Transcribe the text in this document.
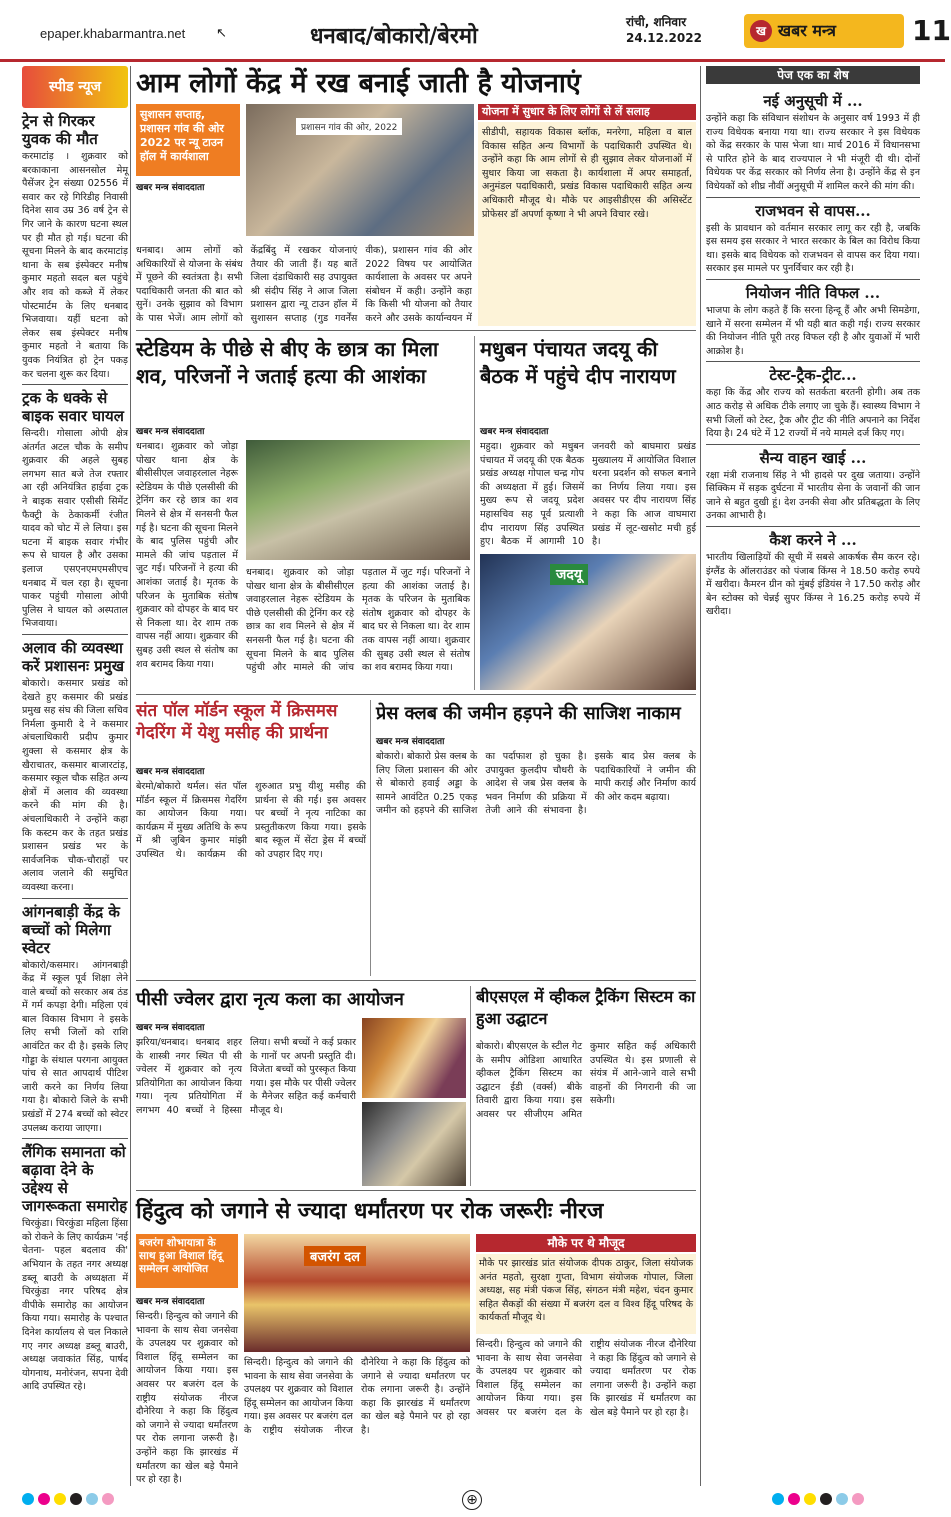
epaper.khabarmantra.net ↖	धनबाद/बोकारो/बेरमो
रांची, शनिवार
24.12.2022	ख खबर मन्त्र	11
स्पीड न्यूज
ट्रेन से गिरकर युवक की मौत

करमाटांड़ । शुक्रवार को बरकाकाना आसनसोल मेमू पैसेंजर ट्रेन संख्या 02556 में सवार कर रहे गिरिडीह निवासी दिनेश साव उम्र 36 वर्ष ट्रेन से गिर जाने के कारण घटना स्थल पर ही मौत हो गई। घटना की सूचना मिलने के बाद करमाटांड़ थाना के सब इंस्पेक्टर मनीष कुमार महतो सदल बल पहुंचे और शव को कब्जे में लेकर पोस्टमार्टम के लिए धनबाद भिजवाया। यहीं घटना को लेकर सब इंस्पेक्टर मनीष कुमार महतो ने बताया कि युवक नियंत्रित हो ट्रेन पकड़ कर चलना शुरू कर दिया।

ट्रक के धक्के से बाइक सवार घायल

सिन्दरी। गोसाला ओपी क्षेत्र अंतर्गत अटल चौक के समीप शुक्रवार की अहले सुबह लगभग सात बजे तेज रफ्तार आ रही अनियंत्रित हाईवा ट्रक ने बाइक सवार एसीसी सिमेंट फैक्ट्री के ठेकाकर्मी रंजीत यादव को चोट में ले लिया। इस घटना में बाइक सवार गंभीर रूप से घायल है और उसका इलाज एसएनएमएमसीएच धनबाद में चल रहा है। सूचना पाकर पहुंची गोसाला ओपी पुलिस ने घायल को अस्पताल भिजवाया।

अलाव की व्यवस्था करें प्रशासनः प्रमुख

बोकारो। कसमार प्रखंड को देखते हुए कसमार की प्रखंड प्रमुख सह संघ की जिला सचिव निर्मला कुमारी दे ने कसमार अंचलाधिकारी प्रदीप कुमार शुक्ला से कसमार क्षेत्र के खैराचातर, कसमार बाजारटांड़, कसमार स्कूल चौक सहित अन्य क्षेत्रों में अलाव की व्यवस्था करने की मांग की है। अंचलाधिकारी ने उन्होंने कहा कि कस्टम कर के तहत प्रखंड प्रशासन प्रखंड भर के सार्वजनिक चौक-चौराहों पर अलाव जलाने की समुचित व्यवस्था करना।

आंगनबाड़ी केंद्र के बच्चों को मिलेगा स्वेटर

बोकारो/कसमार। आंगनबाड़ी केंद्र में स्कूल पूर्व शिक्षा लेने वाले बच्चों को सरकार अब ठंड में गर्म कपड़ा देगी। महिला एवं बाल विकास विभाग ने इसके लिए सभी जिलों को राशि आवंटित कर दी है। इसके लिए गोड्डा के संथाल परगना आयुक्त पांच से सात आपदार्थ पीटिश जारी करने का निर्णय लिया गया है। बोकारो जिले के सभी प्रखंडों में 274 बच्चों को स्वेटर उपलब्ध कराया जाएगा।

लैंगिक समानता को बढ़ावा देने के उद्देश्य से जागरूकता समारोह

चिरकुंडा। चिरकुंडा महिला हिंसा को रोकने के लिए कार्यक्रम 'नई चेतना- पहल बदलाव की' अभियान के तहत नगर अध्यक्ष डब्लू बाउरी के अध्यक्षता में चिरकुंडा नगर परिषद क्षेत्र वीपीके समारोह का आयोजन किया गया। समारोह के पश्चात दिनेश कार्यालय से चल निकाले गए नगर अध्यक्ष डब्लू बाउरी, अध्यक्ष जवाकांत सिंह, पार्षद योगनाथ, मनोरंजन, सपना देवी आदि उपस्थित रहे।

आम लोगों केंद्र में रख बनाई जाती है योजनाएं
सुशासन सप्ताह, प्रशासन गांव की ओर 2022 पर न्यू टाउन हॉल में कार्यशाला
खबर मन्त्र संवाददाता
प्रशासन गांव की ओर, 2022

धनबाद। आम लोगों को अधिकारियों से योजना के संबंध में पूछने की स्वतंत्रता है। सभी पदाधिकारी जनता की बात को सुनें। उनके सुझाव को विभाग के पास भेजें। आम लोगों को केंद्रबिंदु में रखकर योजनाएं तैयार की जाती हैं। यह बातें जिला दंडाधिकारी सह उपायुक्त श्री संदीप सिंह ने आज जिला प्रशासन द्वारा न्यू टाउन हॉल में सुशासन सप्ताह (गुड गवर्नेंस वीक), प्रशासन गांव की ओर 2022 विषय पर आयोजित कार्यशाला के अवसर पर अपने संबोधन में कही। उन्होंने कहा कि किसी भी योजना को तैयार करने और उसके कार्यान्वयन में

योजना में सुधार के लिए लोगों से लें सलाह

सीडीपी, सहायक विकास ब्लॉक, मनरेगा, महिला व बाल विकास सहित अन्य विभागों के पदाधिकारी उपस्थित थे। उन्होंने कहा कि आम लोगों से ही सुझाव लेकर योजनाओं में सुधार किया जा सकता है। कार्यशाला में अपर समाहर्ता, अनुमंडल पदाधिकारी, प्रखंड विकास पदाधिकारी सहित अन्य अधिकारी मौजूद थे। मौके पर आइसीडीएस की असिस्टेंट प्रोफेसर डॉ अपर्णा कृष्णा ने भी अपने विचार रखे।

स्टेडियम के पीछे से बीए के छात्र का मिला शव, परिजनों ने जताई हत्या की आशंका
खबर मन्त्र संवाददाता

धनबाद। शुक्रवार को जोड़ा पोखर थाना क्षेत्र के बीसीसीएल जवाहरलाल नेहरू स्टेडियम के पीछे एलसीसी की ट्रेनिंग कर रहे छात्र का शव मिलने से क्षेत्र में सनसनी फैल गई है। घटना की सूचना मिलने के बाद पुलिस पहुंची और मामले की जांच पड़ताल में जुट गई। परिजनों ने हत्या की आशंका जताई है। मृतक के परिजन के मुताबिक संतोष शुक्रवार को दोपहर के बाद घर से निकला था। देर शाम तक वापस नहीं आया। शुक्रवार की सुबह उसी स्थल से संतोष का शव बरामद किया गया।

धनबाद। शुक्रवार को जोड़ा पोखर थाना क्षेत्र के बीसीसीएल जवाहरलाल नेहरू स्टेडियम के पीछे एलसीसी की ट्रेनिंग कर रहे छात्र का शव मिलने से क्षेत्र में सनसनी फैल गई है। घटना की सूचना मिलने के बाद पुलिस पहुंची और मामले की जांच पड़ताल में जुट गई। परिजनों ने हत्या की आशंका जताई है। मृतक के परिजन के मुताबिक संतोष शुक्रवार को दोपहर के बाद घर से निकला था। देर शाम तक वापस नहीं आया। शुक्रवार की सुबह उसी स्थल से संतोष का शव बरामद किया गया।

मधुबन पंचायत जदयू की बैठक में पहुंचे दीप नारायण
खबर मन्त्र संवाददाता

महुदा। शुक्रवार को मधुबन पंचायत में जदयू की एक बैठक प्रखंड अध्यक्ष गोपाल चन्द्र गोप की अध्यक्षता में हुई। जिसमें मुख्य रूप से जदयू प्रदेश महासचिव सह पूर्व प्रत्याशी दीप नारायण सिंह उपस्थित हुए। बैठक में आगामी 10 जनवरी को बाघमारा प्रखंड मुख्यालय में आयोजित विशाल धरना प्रदर्शन को सफल बनाने का निर्णय लिया गया। इस अवसर पर दीप नारायण सिंह ने कहा कि आज वाघमारा प्रखंड में लूट-खसोट मची हुई है।

जदयू
संत पॉल मॉर्डन स्कूल में क्रिसमस गेदरिंग में येशु मसीह की प्रार्थना
खबर मन्त्र संवाददाता

बेरमो/बोकारो थर्मल। संत पॉल मॉर्डन स्कूल में क्रिसमस गेदरिंग का आयोजन किया गया। कार्यक्रम में मुख्य अतिथि के रूप में श्री जुबिन कुमार मांझी उपस्थित थे। कार्यक्रम की शुरुआत प्रभु यीशु मसीह की प्रार्थना से की गई। इस अवसर पर बच्चों ने नृत्य नाटिका का प्रस्तुतीकरण किया गया। इसके बाद स्कूल में सेंटा ड्रेस में बच्चों को उपहार दिए गए।

प्रेस क्लब की जमीन हड़पने की साजिश नाकाम
खबर मन्त्र संवाददाता

बोकारो। बोकारो प्रेस क्लब के लिए जिला प्रशासन की ओर से बोकारो हवाई अड्डा के सामने आवंटित 0.25 एकड़ जमीन को हड़पने की साजिश का पर्दाफाश हो चुका है। उपायुक्त कुलदीप चौधरी के आदेश से जब प्रेस क्लब के भवन निर्माण की प्रक्रिया में तेजी आने की संभावना है। इसके बाद प्रेस क्लब के पदाधिकारियों ने जमीन की मापी कराई और निर्माण कार्य की ओर कदम बढ़ाया।

पीसी ज्वेलर द्वारा नृत्य कला का आयोजन
खबर मन्त्र संवाददाता

झरिया/धनबाद। धनबाद शहर के शास्त्री नगर स्थित पी सी ज्वेलर में शुक्रवार को नृत्य प्रतियोगिता का आयोजन किया गया। नृत्य प्रतियोगिता में लगभग 40 बच्चों ने हिस्सा लिया। सभी बच्चों ने कई प्रकार के गानों पर अपनी प्रस्तुति दी। विजेता बच्चों को पुरस्कृत किया गया। इस मौके पर पीसी ज्वेलर के मैनेजर सहित कई कर्मचारी मौजूद थे।

बीएसएल में व्हीकल ट्रैकिंग सिस्टम का हुआ उद्घाटन

बोकारो। बीएसएल के स्टील गेट के समीप ओडिशा आधारित व्हीकल ट्रैकिंग सिस्टम का उद्घाटन ईडी (वर्क्स) बीके तिवारी द्वारा किया गया। इस अवसर पर सीजीएम अमित कुमार सहित कई अधिकारी उपस्थित थे। इस प्रणाली से संयंत्र में आने-जाने वाले सभी वाहनों की निगरानी की जा सकेगी।

हिंदुत्व को जगाने से ज्यादा धर्मांतरण पर रोक जरूरीः नीरज
बजरंग शोभायात्रा के साथ हुआ विशाल हिंदू सम्मेलन आयोजित
खबर मन्त्र संवाददाता
बजरंग दल

सिन्दरी। हिन्दुत्व को जगाने की भावना के साथ सेवा जनसेवा के उपलक्ष्य पर शुक्रवार को विशाल हिंदू सम्मेलन का आयोजन किया गया। इस अवसर पर बजरंग दल के राष्ट्रीय संयोजक नीरज दौनेरिया ने कहा कि हिंदुत्व को जगाने से ज्यादा धर्मांतरण पर रोक लगाना जरूरी है। उन्होंने कहा कि झारखंड में धर्मांतरण का खेल बड़े पैमाने पर हो रहा है।

सिन्दरी। हिन्दुत्व को जगाने की भावना के साथ सेवा जनसेवा के उपलक्ष्य पर शुक्रवार को विशाल हिंदू सम्मेलन का आयोजन किया गया। इस अवसर पर बजरंग दल के राष्ट्रीय संयोजक नीरज दौनेरिया ने कहा कि हिंदुत्व को जगाने से ज्यादा धर्मांतरण पर रोक लगाना जरूरी है। उन्होंने कहा कि झारखंड में धर्मांतरण का खेल बड़े पैमाने पर हो रहा है।

मौके पर थे मौजूद

मौके पर झारखंड प्रांत संयोजक दीपक ठाकुर, जिला संयोजक अनंत महतो, सुरक्षा गुप्ता, विभाग संयोजक गोपाल, जिला अध्यक्ष, सह मंत्री पंकज सिंह, संगठन मंत्री महेश, चंदन कुमार सहित सैकड़ों की संख्या में बजरंग दल व विश्व हिंदू परिषद के कार्यकर्ता मौजूद थे।

सिन्दरी। हिन्दुत्व को जगाने की भावना के साथ सेवा जनसेवा के उपलक्ष्य पर शुक्रवार को विशाल हिंदू सम्मेलन का आयोजन किया गया। इस अवसर पर बजरंग दल के राष्ट्रीय संयोजक नीरज दौनेरिया ने कहा कि हिंदुत्व को जगाने से ज्यादा धर्मांतरण पर रोक लगाना जरूरी है। उन्होंने कहा कि झारखंड में धर्मांतरण का खेल बड़े पैमाने पर हो रहा है।

पेज एक का शेष
नई अनुसूची में ...

उन्होंने कहा कि संविधान संशोधन के अनुसार वर्ष 1993 में ही राज्य विधेयक बनाया गया था। राज्य सरकार ने इस विधेयक को केंद्र सरकार के पास भेजा था। मार्च 2016 में विधानसभा से पारित होने के बाद राज्यपाल ने भी मंजूरी दी थी। दोनों विधेयक पर केंद्र सरकार को निर्णय लेना है। उन्होंने केंद्र से इन विधेयकों को शीघ्र नौवीं अनुसूची में शामिल करने की मांग की।

राजभवन से वापस...

इसी के प्रावधान को वर्तमान सरकार लागू कर रही है, जबकि इस समय इस सरकार ने भारत सरकार के बिल का विरोध किया था। इसके बाद विधेयक को राजभवन से वापस कर दिया गया। सरकार इस मामले पर पुनर्विचार कर रही है।

नियोजन नीति विफल ...

भाजपा के लोग कहते हैं कि सरना हिन्दू हैं और अभी सिमडेगा, खाने में सरना सम्मेलन में भी यही बात कही गई। राज्य सरकार की नियोजन नीति पूरी तरह विफल रही है और युवाओं में भारी आक्रोश है।

टेस्ट-ट्रैक-ट्रीट...

कहा कि केंद्र और राज्य को सतर्कता बरतनी होगी। अब तक आठ करोड़ से अधिक टीके लगाए जा चुके हैं। स्वास्थ्य विभाग ने सभी जिलों को टेस्ट, ट्रैक और ट्रीट की नीति अपनाने का निर्देश दिया है। 24 घंटे में 12 राज्यों में नये मामले दर्ज किए गए।

सैन्य वाहन खाई ...

रक्षा मंत्री राजनाथ सिंह ने भी हादसे पर दुख जताया। उन्होंने सिक्किम में सड़क दुर्घटना में भारतीय सेना के जवानों की जान जाने से बहुत दुखी हूं। देश उनकी सेवा और प्रतिबद्धता के लिए उनका आभारी है।

कैश करने ने ...

भारतीय खिलाड़ियों की सूची में सबसे आकर्षक सैम करन रहे। इंग्लैंड के ऑलराउंडर को पंजाब किंग्स ने 18.50 करोड़ रुपये में खरीदा। कैमरन ग्रीन को मुंबई इंडियंस ने 17.50 करोड़ और बेन स्टोक्स को चेन्नई सुपर किंग्स ने 16.25 करोड़ रुपये में खरीदा।

⊕
